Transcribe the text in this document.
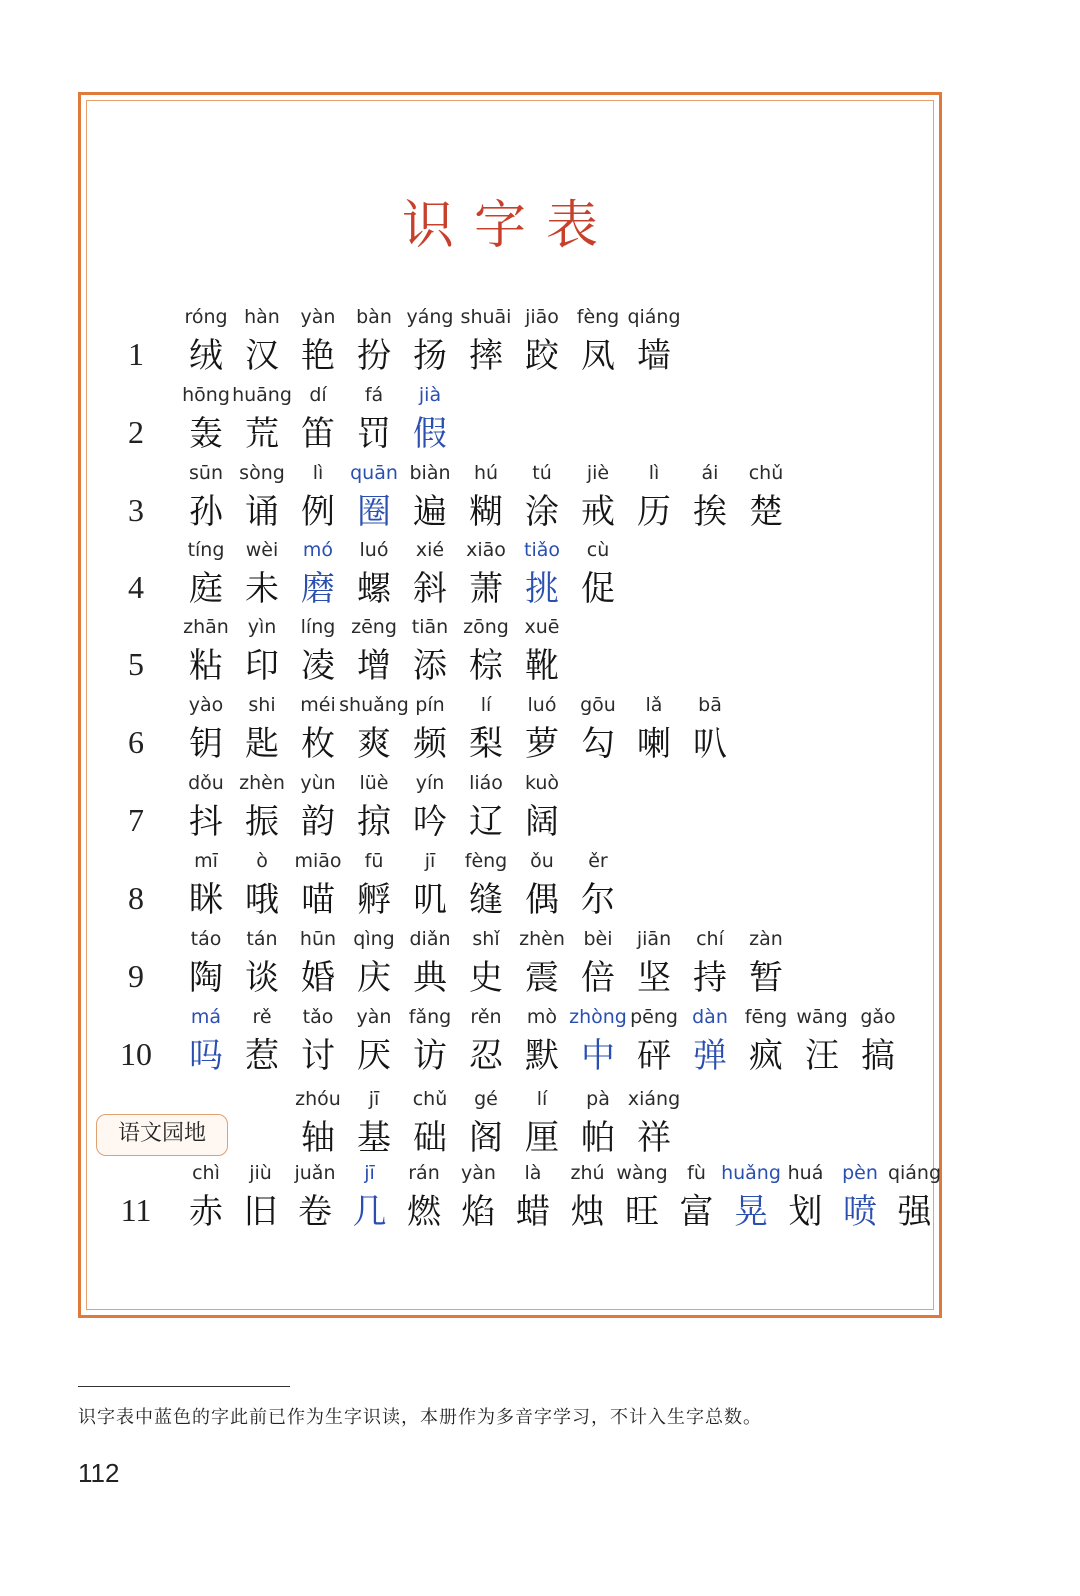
识字表
1
róng
绒
hàn
汉
yàn
艳
bàn
扮
yáng
扬
shuāi
摔
jiāo
跤
fèng
凤
qiáng
墙
2
hōng
轰
huāng
荒
dí
笛
fá
罚
jià
假
3
sūn
孙
sòng
诵
lì
例
quān
圈
biàn
遍
hú
糊
tú
涂
jiè
戒
lì
历
ái
挨
chǔ
楚
4
tíng
庭
wèi
未
mó
磨
luó
螺
xié
斜
xiāo
萧
tiǎo
挑
cù
促
5
zhān
粘
yìn
印
líng
凌
zēng
增
tiān
添
zōng
棕
xuē
靴
6
yào
钥
shi
匙
méi
枚
shuǎng
爽
pín
频
lí
梨
luó
萝
gōu
勾
lǎ
喇
bā
叭
7
dǒu
抖
zhèn
振
yùn
韵
lüè
掠
yín
吟
liáo
辽
kuò
阔
8
mī
眯
ò
哦
miāo
喵
fū
孵
jī
叽
fèng
缝
ǒu
偶
ěr
尔
9
táo
陶
tán
谈
hūn
婚
qìng
庆
diǎn
典
shǐ
史
zhèn
震
bèi
倍
jiān
坚
chí
持
zàn
暂
10
má
吗
rě
惹
tǎo
讨
yàn
厌
fǎng
访
rěn
忍
mò
默
zhòng
中
pēng
砰
dàn
弹
fēng
疯
wāng
汪
gǎo
搞
语文园地
zhóu
轴
jī
基
chǔ
础
gé
阁
lí
厘
pà
帕
xiáng
祥
11
chì
赤
jiù
旧
juǎn
卷
jī
几
rán
燃
yàn
焰
là
蜡
zhú
烛
wàng
旺
fù
富
huǎng
晃
huá
划
pèn
喷
qiáng
强
识字表中蓝色的字此前已作为生字识读，本册作为多音字学习，不计入生字总数。
112
